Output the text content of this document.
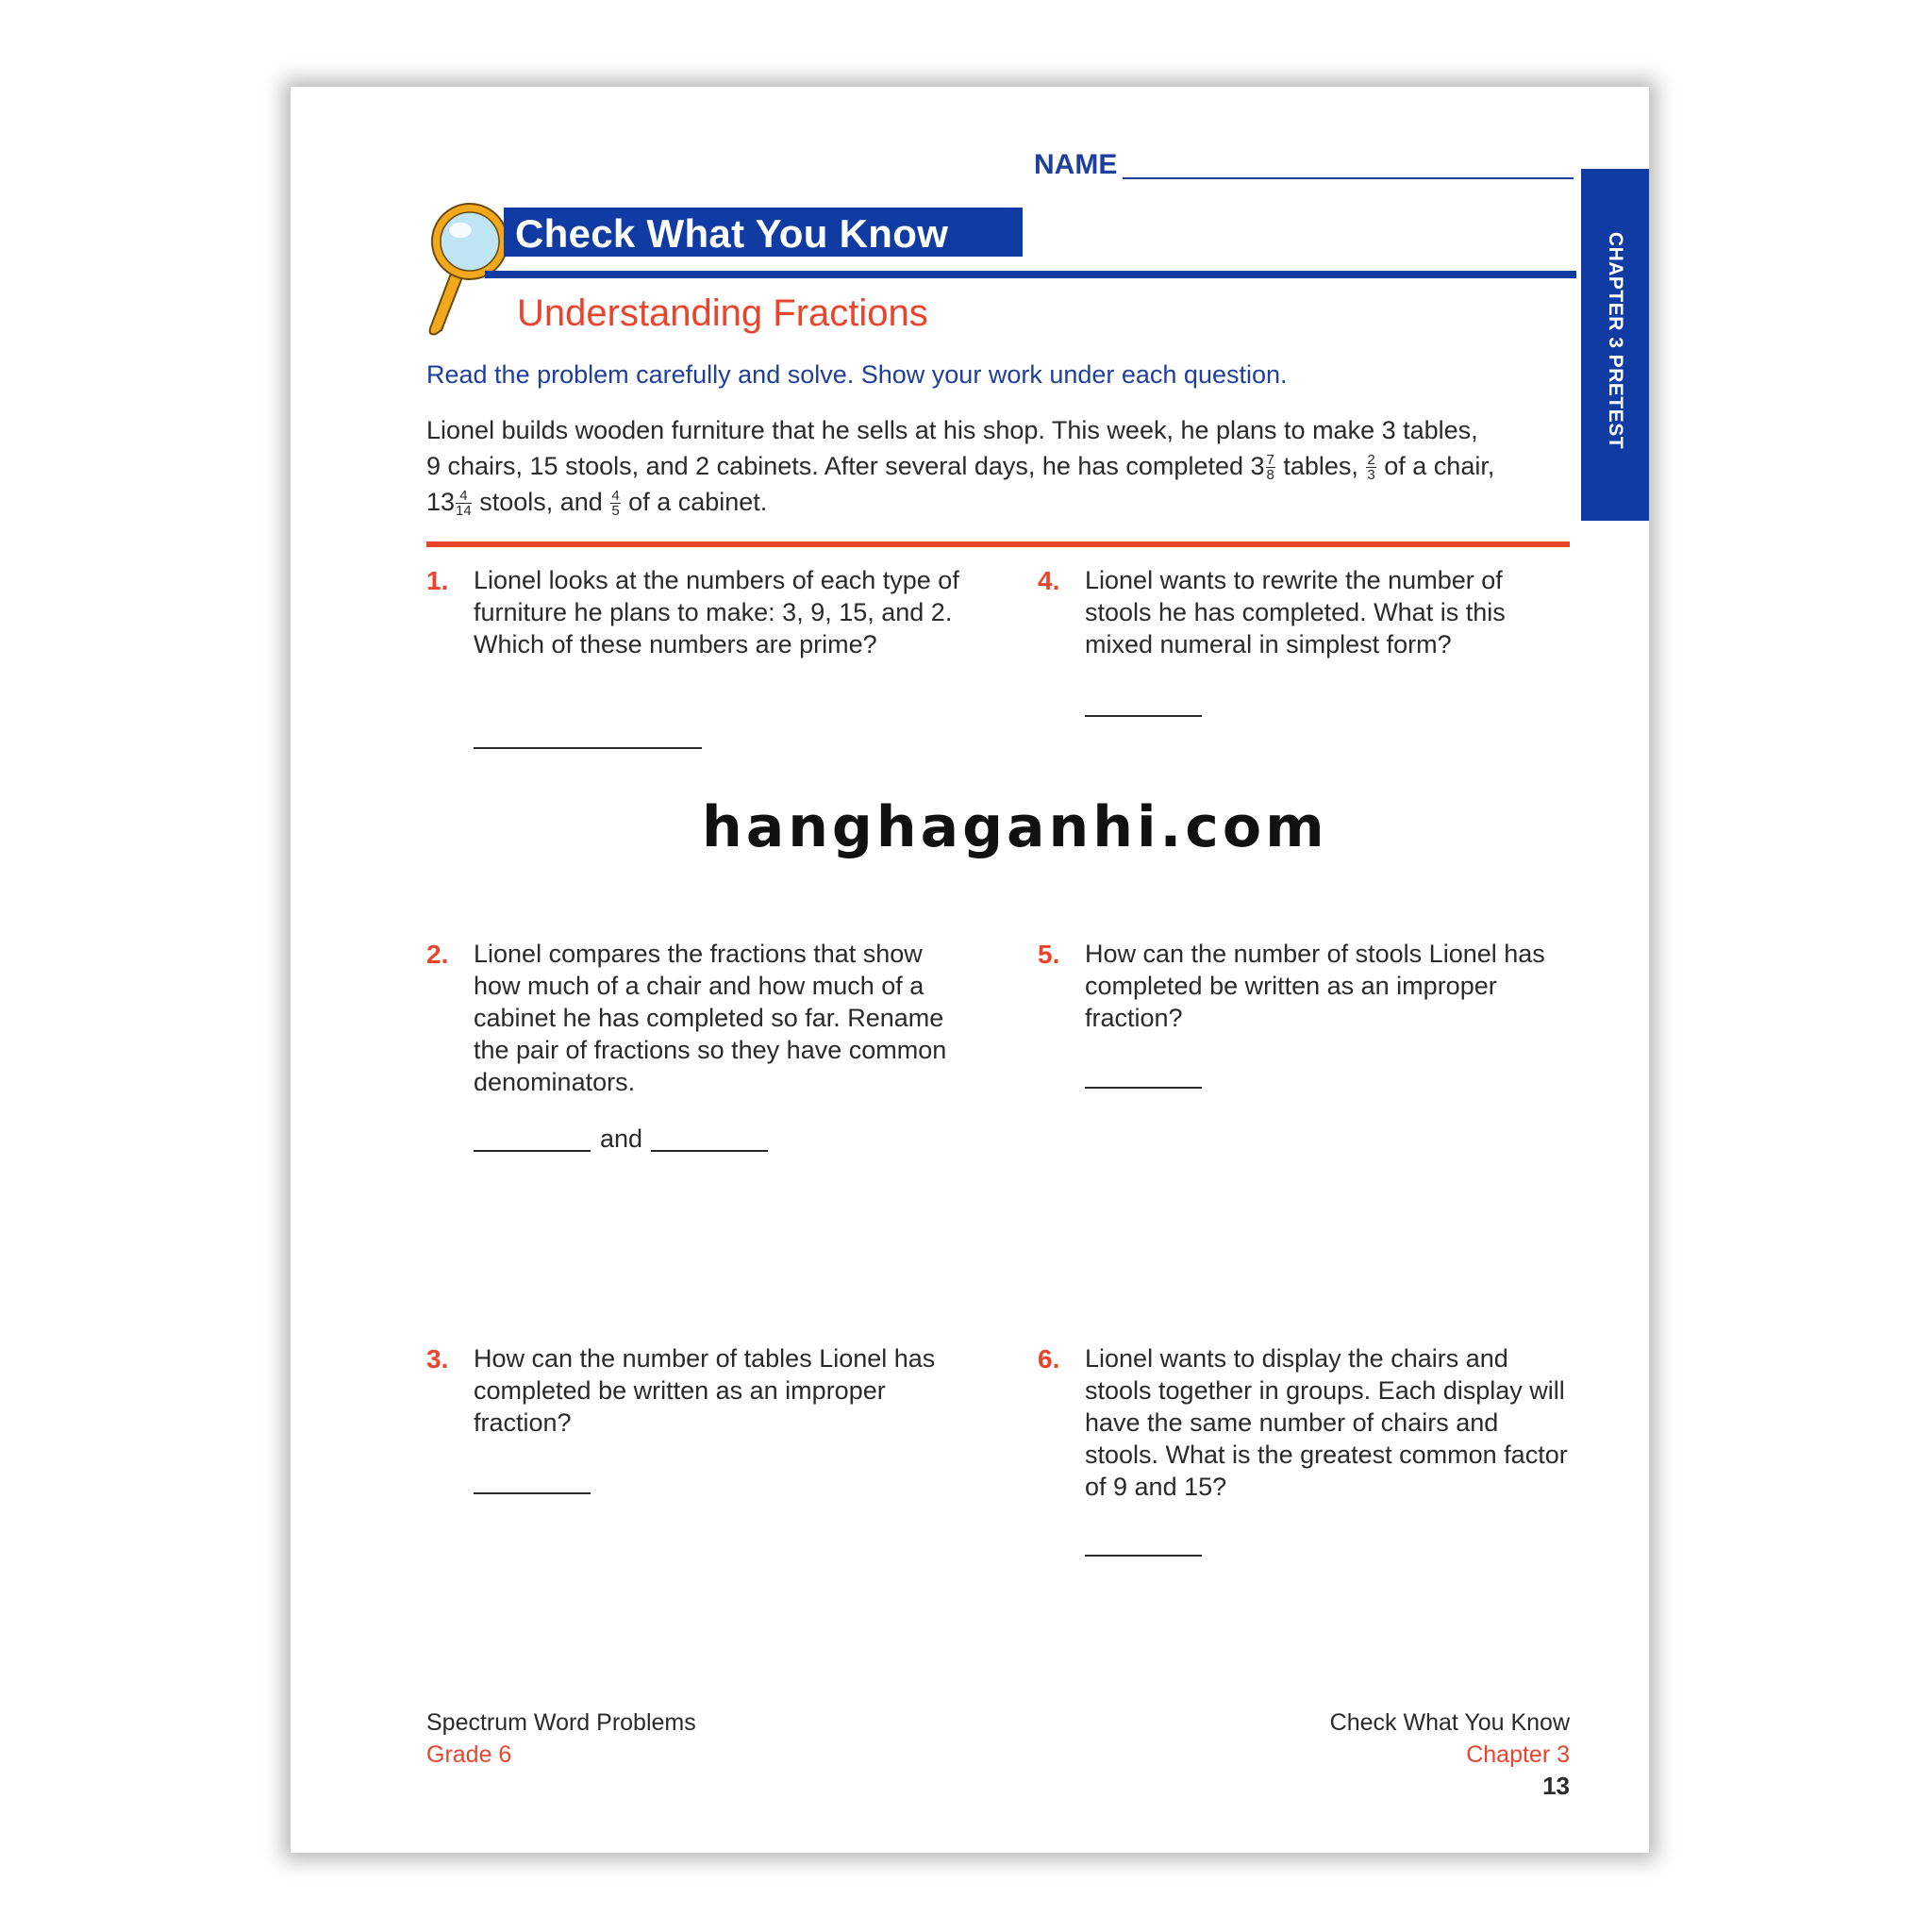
NAME
CHAPTER 3 PRETEST
Check What You Know
Understanding Fractions
Read the problem carefully and solve. Show your work under each question.
Lionel builds wooden furniture that he sells at his shop. This week, he plans to make 3 tables,
9 chairs, 15 stools, and 2 cabinets. After several days, he has completed $3 \frac{7}{8}$ tables, $\frac{2}{3}$ of a chair,
$13 \frac{4}{14}$ stools, and $\frac{4}{5}$ of a cabinet.
1. Lionel looks at the numbers of each type of furniture he plans to make: 3, 9, 15, and 2. Which of these numbers are prime?
4. Lionel wants to rewrite the number of stools he has completed. What is this mixed numeral in simplest form?
hanghaganhi.com
2. Lionel compares the fractions that show how much of a chair and how much of a cabinet he has completed so far. Rename the pair of fractions so they have common denominators.
and
5. How can the number of stools Lionel has completed be written as an improper fraction?
3. How can the number of tables Lionel has completed be written as an improper fraction?
6. Lionel wants to display the chairs and stools together in groups. Each display will have the same number of chairs and stools. What is the greatest common factor of 9 and 15?
Spectrum Word Problems
Grade 6
Check What You Know
Chapter 3
13
